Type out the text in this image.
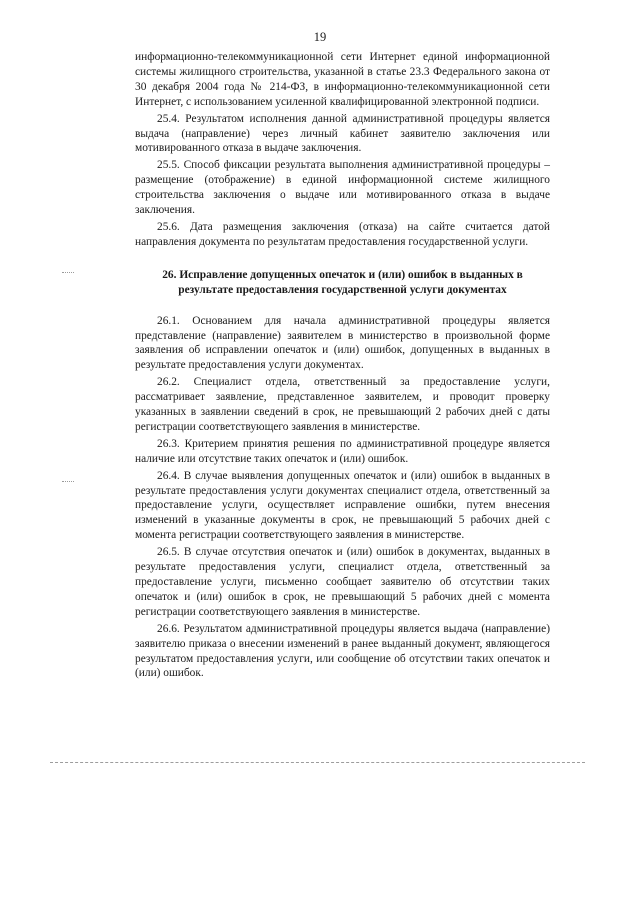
19

информационно-телекоммуникационной сети Интернет единой информационной системы жилищного строительства, указанной в статье 23.3 Федерального закона от 30 декабря 2004 года № 214-ФЗ, в информационно-телекоммуникационной сети Интернет, с использованием усиленной квалифицированной электронной подписи.

25.4. Результатом исполнения данной административной процедуры является выдача (направление) через личный кабинет заявителю заключения или мотивированного отказа в выдаче заключения.

25.5. Способ фиксации результата выполнения административной процедуры – размещение (отображение) в единой информационной системе жилищного строительства заключения о выдаче или мотивированного отказа в выдаче заключения.

25.6. Дата размещения заключения (отказа) на сайте считается датой направления документа по результатам предоставления государственной услуги.

26. Исправление допущенных опечаток и (или) ошибок в выданных в результате предоставления государственной услуги документах

26.1. Основанием для начала административной процедуры является представление (направление) заявителем в министерство в произвольной форме заявления об исправлении опечаток и (или) ошибок, допущенных в выданных в результате предоставления услуги документах.

26.2. Специалист отдела, ответственный за предоставление услуги, рассматривает заявление, представленное заявителем, и проводит проверку указанных в заявлении сведений в срок, не превышающий 2 рабочих дней с даты регистрации соответствующего заявления в министерстве.

26.3. Критерием принятия решения по административной процедуре является наличие или отсутствие таких опечаток и (или) ошибок.

26.4. В случае выявления допущенных опечаток и (или) ошибок в выданных в результате предоставления услуги документах специалист отдела, ответственный за предоставление услуги, осуществляет исправление ошибки, путем внесения изменений в указанные документы в срок, не превышающий 5 рабочих дней с момента регистрации соответствующего заявления в министерстве.

26.5. В случае отсутствия опечаток и (или) ошибок в документах, выданных в результате предоставления услуги, специалист отдела, ответственный за предоставление услуги, письменно сообщает заявителю об отсутствии таких опечаток и (или) ошибок в срок, не превышающий 5 рабочих дней с момента регистрации соответствующего заявления в министерстве.

26.6. Результатом административной процедуры является выдача (направление) заявителю приказа о внесении изменений в ранее выданный документ, являющегося результатом предоставления услуги, или сообщение об отсутствии таких опечаток и (или) ошибок.
